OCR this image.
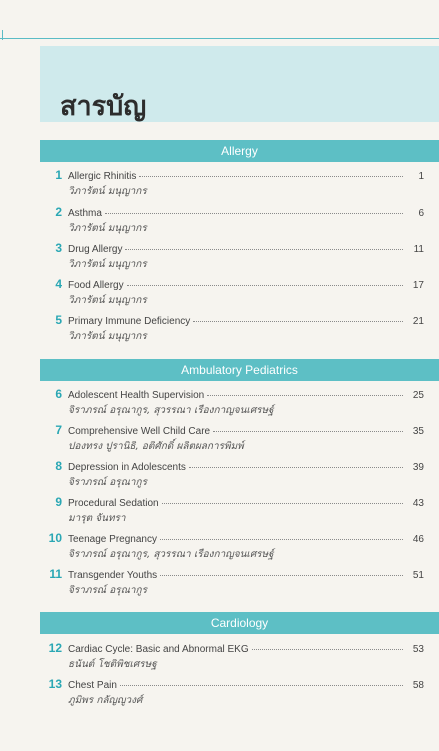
สารบัญ
Allergy
1 Allergic Rhinitis	1
วิภารัตน์ มนุญากร
2 Asthma	6
วิภารัตน์ มนุญากร
3 Drug Allergy	11
วิภารัตน์ มนุญากร
4 Food Allergy	17
วิภารัตน์ มนุญากร
5 Primary Immune Deficiency	21
วิภารัตน์ มนุญากร
Ambulatory Pediatrics
6 Adolescent Health Supervision	25
จิราภรณ์ อรุณากูร, สุวรรณา เรืองกาญจนเศรษฐ์
7 Comprehensive Well Child Care	35
ปองทรง ปูรานิธิ, อติศักดิ์ ผลิตผลการพิมพ์
8 Depression in Adolescents	39
จิราภรณ์ อรุณากูร
9 Procedural Sedation	43
มารุต จันทรา
10 Teenage Pregnancy	46
จิราภรณ์ อรุณากูร, สุวรรณา เรืองกาญจนเศรษฐ์
11 Transgender Youths	51
จิราภรณ์ อรุณากูร
Cardiology
12 Cardiac Cycle: Basic and Abnormal EKG	53
ธนันต์ โชติพิชเศรษฐ
13 Chest Pain	58
ภูมิพร กลัญญูวงศ์
